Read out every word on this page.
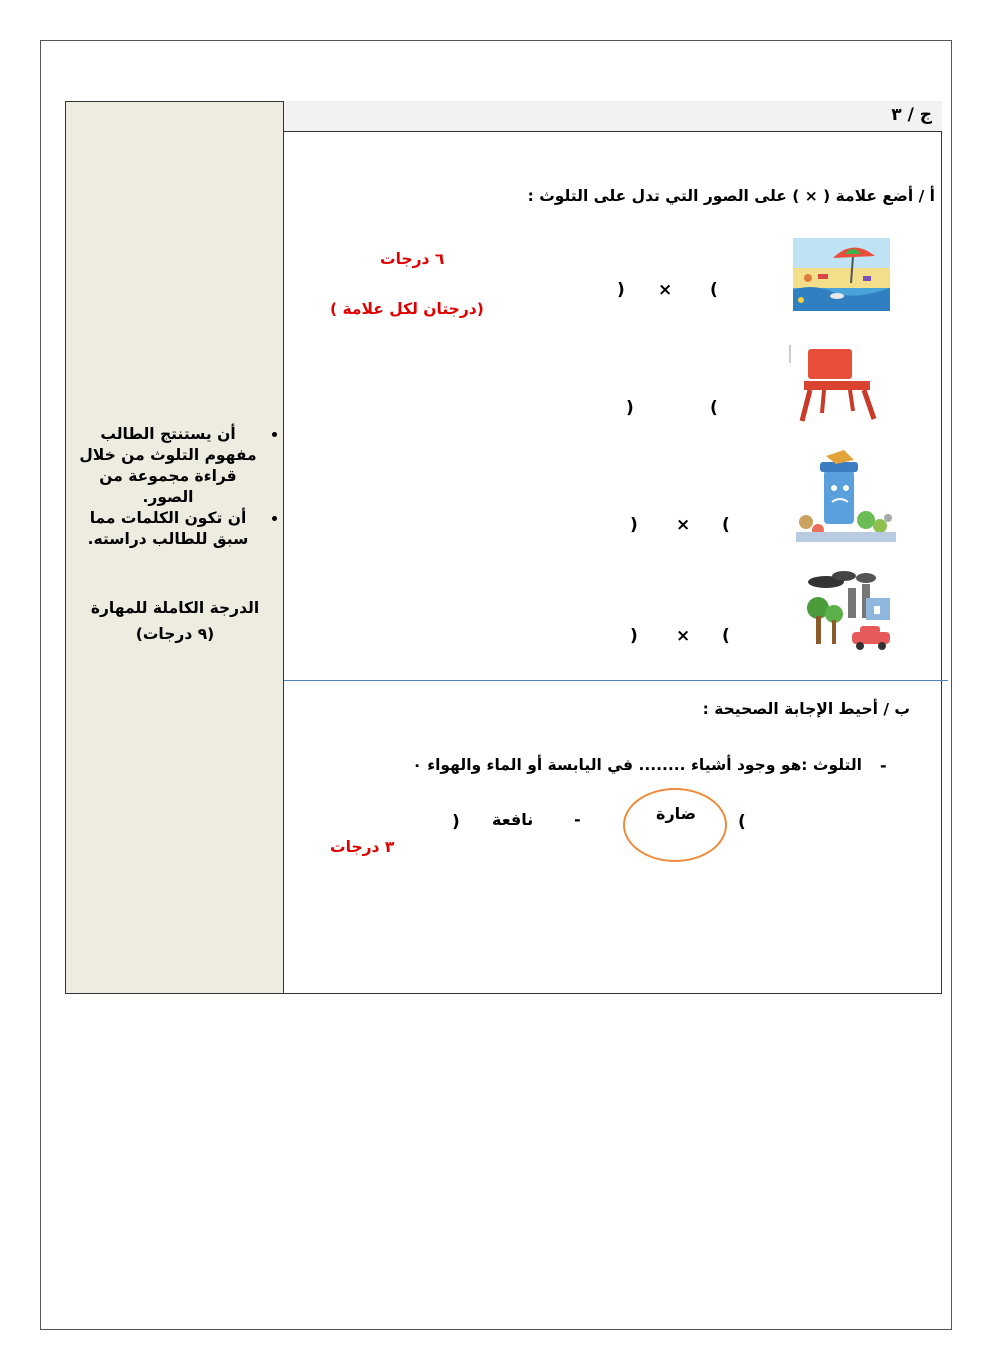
ج / ٣
• أن يستنتج الطالب مفهوم التلوث من خلال قراءة مجموعة من الصور.
• أن تكون الكلمات مما سبق للطالب دراسته.
الدرجة الكاملة للمهارة
(٩ درجات)
أ / أضع علامة ( × ) على الصور التي تدل على التلوث :
٦ درجات
(درجتان لكل علامة )
(
×
)
(
)
(
×
)
(
×
)
ب / أحيط الإجابة الصحيحة :
-
التلوث :هو وجود أشياء ........ في اليابسة أو الماء والهواء ٠
(
ضارة
-
نافعة
)
٣ درجات
